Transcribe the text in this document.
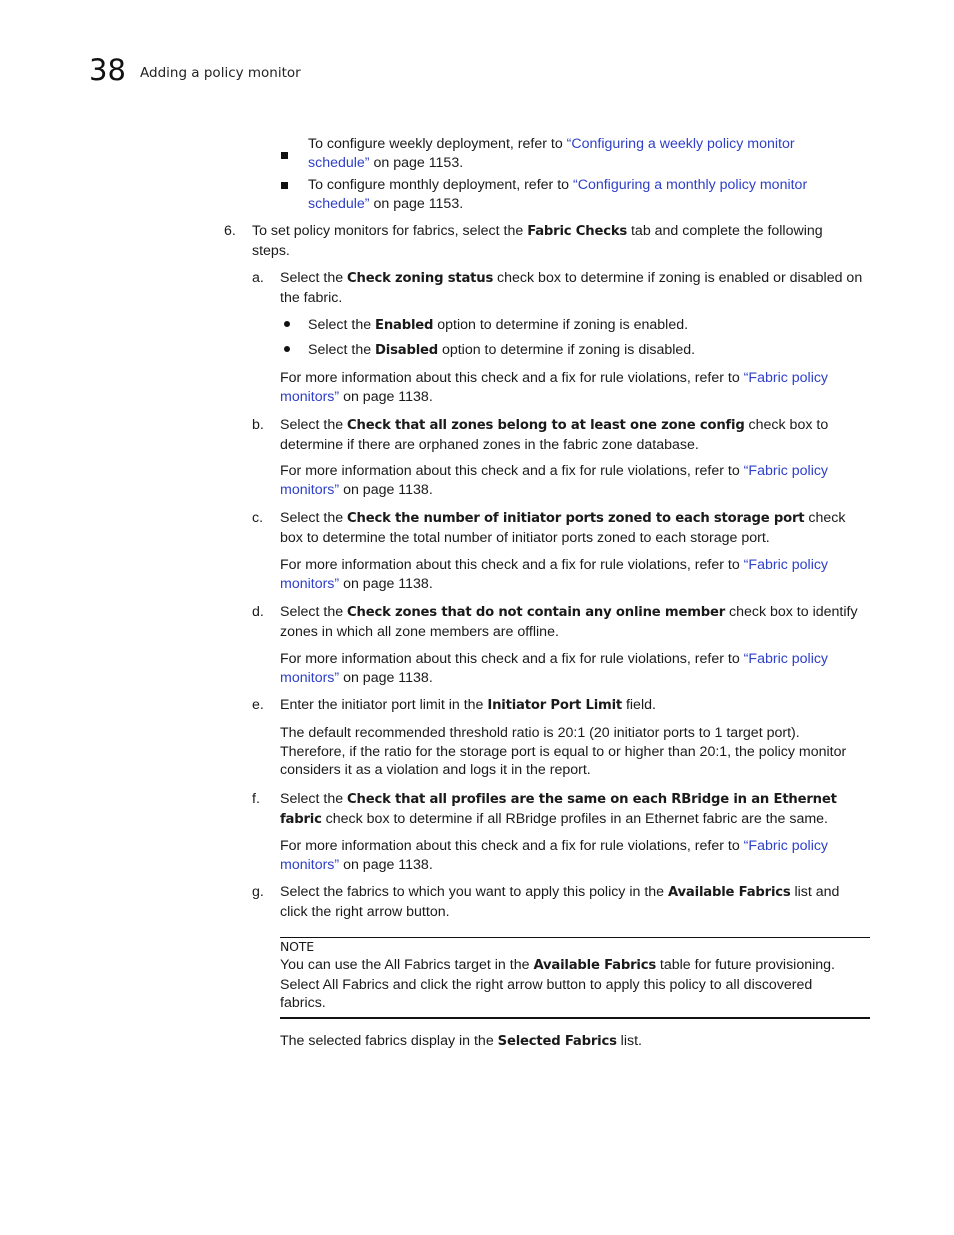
38 Adding a policy monitor
To configure weekly deployment, refer to “Configuring a weekly policy monitor schedule” on page 1153.
To configure monthly deployment, refer to “Configuring a monthly policy monitor schedule” on page 1153.
6. To set policy monitors for fabrics, select the Fabric Checks tab and complete the following steps.
a. Select the Check zoning status check box to determine if zoning is enabled or disabled on the fabric.
Select the Enabled option to determine if zoning is enabled.
Select the Disabled option to determine if zoning is disabled.
For more information about this check and a fix for rule violations, refer to “Fabric policy monitors” on page 1138.
b. Select the Check that all zones belong to at least one zone config check box to determine if there are orphaned zones in the fabric zone database.
For more information about this check and a fix for rule violations, refer to “Fabric policy monitors” on page 1138.
c. Select the Check the number of initiator ports zoned to each storage port check box to determine the total number of initiator ports zoned to each storage port.
For more information about this check and a fix for rule violations, refer to “Fabric policy monitors” on page 1138.
d. Select the Check zones that do not contain any online member check box to identify zones in which all zone members are offline.
For more information about this check and a fix for rule violations, refer to “Fabric policy monitors” on page 1138.
e. Enter the initiator port limit in the Initiator Port Limit field.
The default recommended threshold ratio is 20:1 (20 initiator ports to 1 target port). Therefore, if the ratio for the storage port is equal to or higher than 20:1, the policy monitor considers it as a violation and logs it in the report.
f. Select the Check that all profiles are the same on each RBridge in an Ethernet fabric check box to determine if all RBridge profiles in an Ethernet fabric are the same.
For more information about this check and a fix for rule violations, refer to “Fabric policy monitors” on page 1138.
g. Select the fabrics to which you want to apply this policy in the Available Fabrics list and click the right arrow button.
NOTE
You can use the All Fabrics target in the Available Fabrics table for future provisioning. Select All Fabrics and click the right arrow button to apply this policy to all discovered fabrics.
The selected fabrics display in the Selected Fabrics list.
